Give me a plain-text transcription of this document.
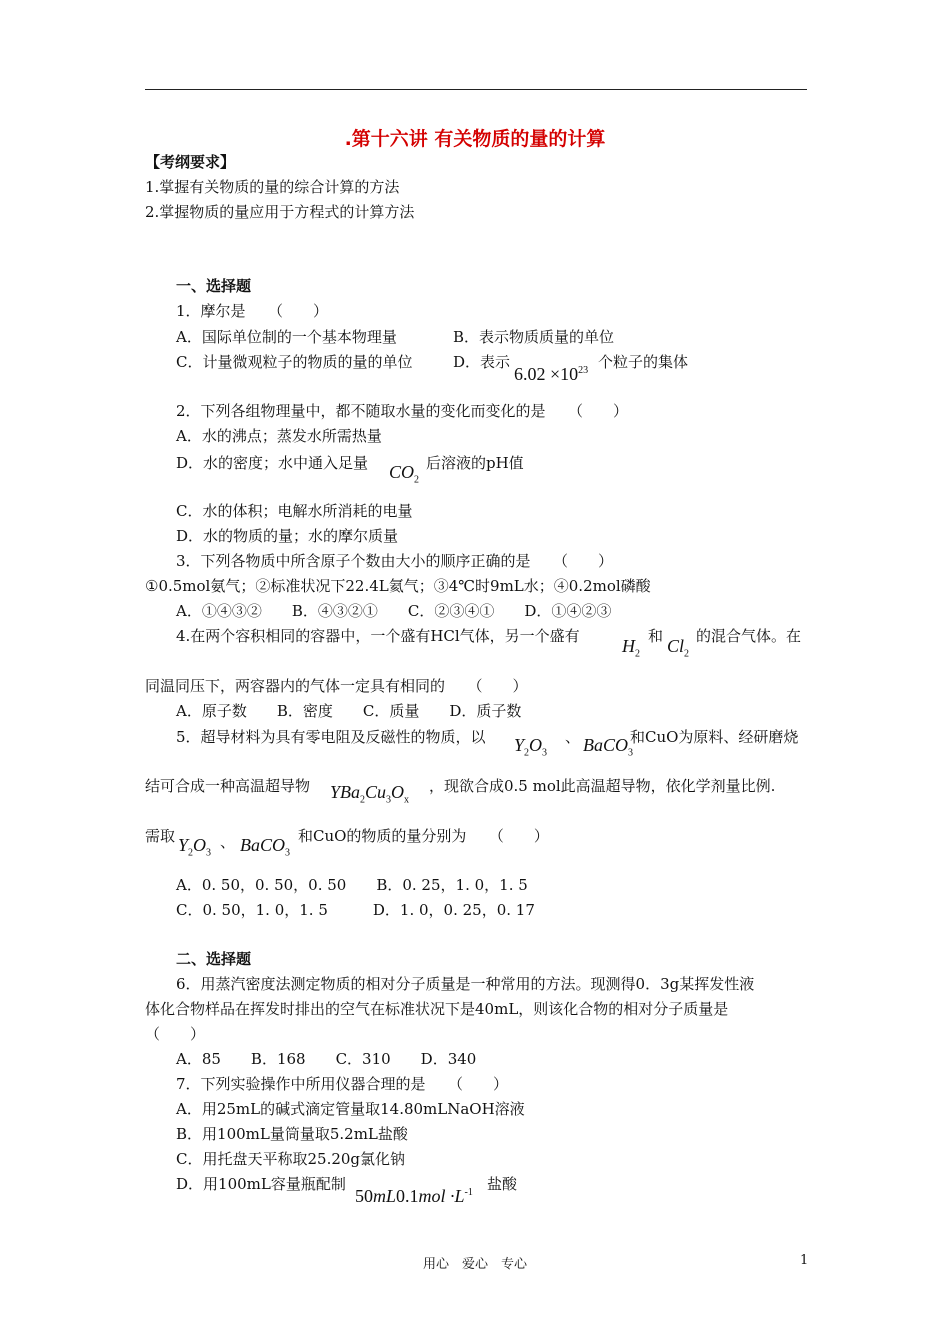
.第十六讲 有关物质的量的计算
【考纲要求】
1.掌握有关物质的量的综合计算的方法
2.掌握物质的量应用于方程式的计算方法
一、选择题
1．摩尔是　　（　　）
A．国际单位制的一个基本物理量	B．表示物质质量的单位
C．计量微观粒子的物质的量的单位	D．表示
$6.02 \times 10^{23}$ 个粒子的集体
2．下列各组物理量中，都不随取水量的变化而变化的是　　（　　）
A．水的沸点；蒸发水所需热量
D．水的密度；水中通入足量 $CO_2$
后溶液的pH值
C．水的体积；电解水所消耗的电量
D．水的物质的量；水的摩尔质量
3．下列各物质中所含原子个数由大小的顺序正确的是　　（　　）
①0.5mol氨气；②标准状况下22.4L氦气；③4℃时9mL水；④0.2mol磷酸
A．①④③②　　B．④③②①　　C．②③④①　　D．①④②③
4.在两个容积相同的容器中，一个盛有HCl气体，另一个盛有 $H_2$
和 $Cl_2$
的混合气体。在
同温同压下，两容器内的气体一定具有相同的　　（　　）
A．原子数　　B．密度　　C．质量　　D．质子数
5．超导材料为具有零电阻及反磁性的物质，以 $Y_2O_3$
、 BaCO$_3$
和CuO为原料、经研磨烧
结可合成一种高温超导物 $YBa_2Cu_3O_x$
，现欲合成0.5 mol此高温超导物，依化学剂量比例.
需取 $Y_2O_3$
、 BaCO$_3$
和CuO的物质的量分别为　　（　　）
A．0. 50，0. 50，0. 50　　B．0. 25，1. 0，1. 5
C．0. 50，1. 0，1. 5　　　D．1. 0，0. 25，0. 17
二、选择题
6．用蒸汽密度法测定物质的相对分子质量是一种常用的方法。现测得0．3g某挥发性液
体化合物样品在挥发时排出的空气在标准状况下是40mL，则该化合物的相对分子质量是
（　　）
A．85　　B．168　　C．310　　D．340
7．下列实验操作中所用仪器合理的是　　（　　）
A．用25mL的碱式滴定管量取14.80mLNaOH溶液
B．用100mL量筒量取5.2mL盐酸
C．用托盘天平称取25.20g氯化钠
D．用100mL容量瓶配制
$50mL0.1mol \cdot L^{-1}$ 盐酸
用心　爱心　专心	1
